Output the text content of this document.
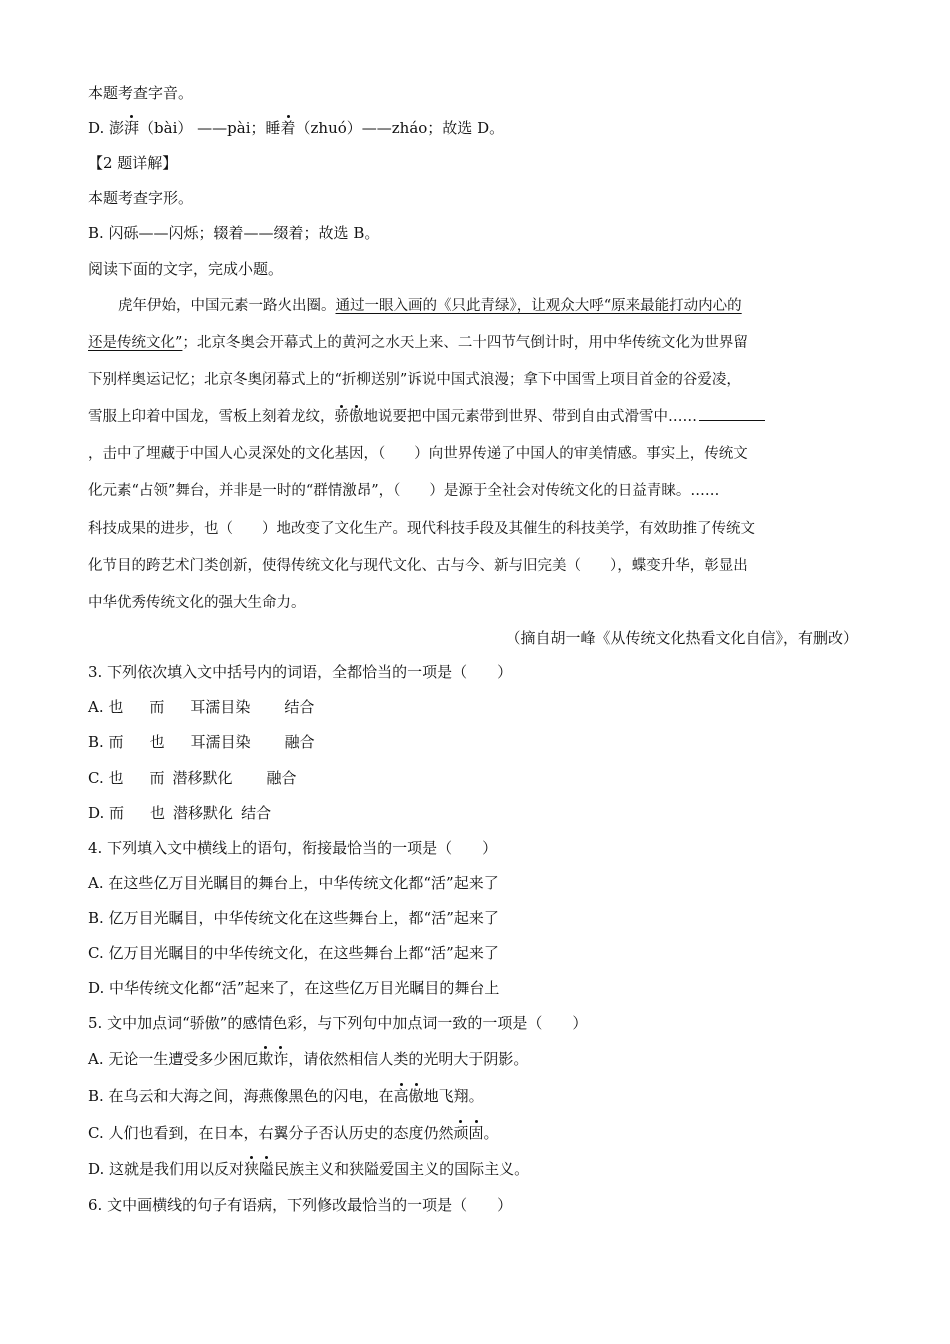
本题考查字音。
D. 澎湃（bài） ——pài；睡着（zhuó）——zháo；故选 D。
【2 题详解】
本题考查字形。
B. 闪砾——闪烁；辍着——缀着；故选 B。
阅读下面的文字，完成小题。
虎年伊始，中国元素一路火出圈。通过一眼入画的《只此青绿》，让观众大呼“原来最能打动内心的
还是传统文化”；北京冬奥会开幕式上的黄河之水天上来、二十四节气倒计时，用中华传统文化为世界留
下别样奥运记忆；北京冬奥闭幕式上的“折柳送别”诉说中国式浪漫；拿下中国雪上项目首金的谷爱凌，
雪服上印着中国龙，雪板上刻着龙纹，骄傲地说要把中国元素带到世界、带到自由式滑雪中……
，击中了埋藏于中国人心灵深处的文化基因，（　　）向世界传递了中国人的审美情感。事实上，传统文
化元素“占领”舞台，并非是一时的“群情激昂”，（　　）是源于全社会对传统文化的日益青睐。……
科技成果的进步，也（　　）地改变了文化生产。现代科技手段及其催生的科技美学，有效助推了传统文
化节目的跨艺术门类创新，使得传统文化与现代文化、古与今、新与旧完美（　　），蝶变升华，彰显出
中华优秀传统文化的强大生命力。
（摘自胡一峰《从传统文化热看文化自信》，有删改）
3. 下列依次填入文中括号内的词语，全都恰当的一项是（　　）
A. 也 而 耳濡目染 结合
B. 而 也 耳濡目染 融合
C. 也 而 潜移默化 融合
D. 而 也 潜移默化 结合
4. 下列填入文中横线上的语句，衔接最恰当的一项是（　　）
A. 在这些亿万目光瞩目的舞台上，中华传统文化都“活”起来了
B. 亿万目光瞩目，中华传统文化在这些舞台上，都“活”起来了
C. 亿万目光瞩目的中华传统文化，在这些舞台上都“活”起来了
D. 中华传统文化都“活”起来了，在这些亿万目光瞩目的舞台上
5. 文中加点词“骄傲”的感情色彩，与下列句中加点词一致的一项是（　　）
A. 无论一生遭受多少困厄欺诈，请依然相信人类的光明大于阴影。
B. 在乌云和大海之间，海燕像黑色的闪电，在高傲地飞翔。
C. 人们也看到，在日本，右翼分子否认历史的态度仍然顽固。
D. 这就是我们用以反对狭隘民族主义和狭隘爱国主义的国际主义。
6. 文中画横线的句子有语病，下列修改最恰当的一项是（　　）
